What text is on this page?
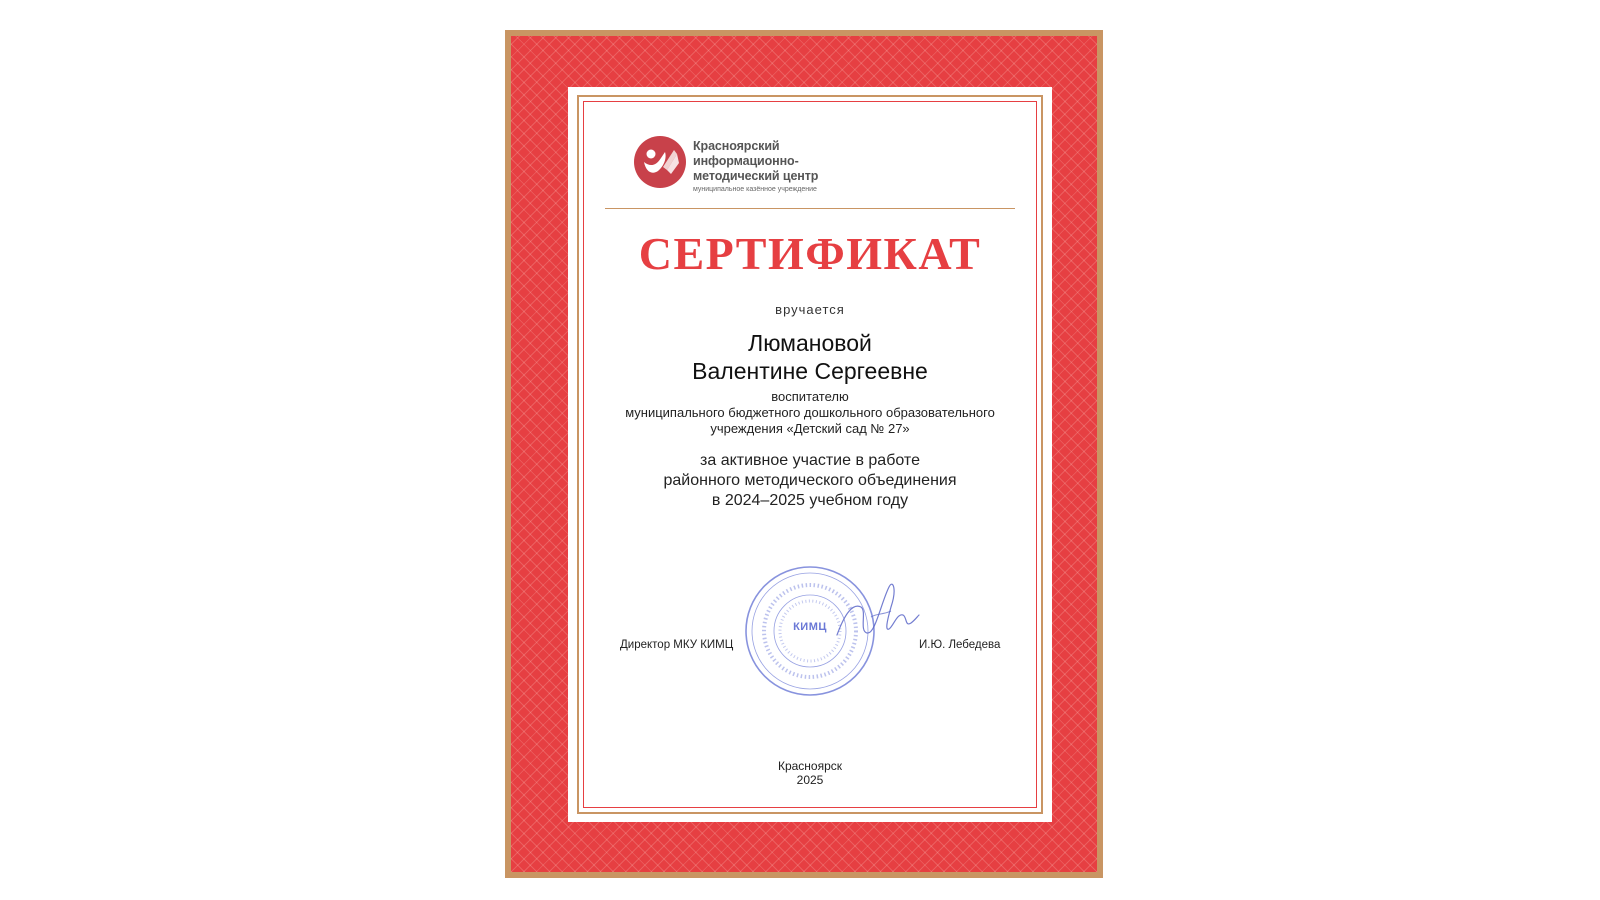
Красноярский
информационно-
методический центр
муниципальное казённое учреждение
СЕРТИФИКАТ
вручается
Люмановой
Валентине Сергеевне
воспитателю
муниципального бюджетного дошкольного образовательного
учреждения «Детский сад № 27»
за активное участие в работе
районного методического объединения
в 2024–2025 учебном году
Директор МКУ КИМЦ
КИМЦ
И.Ю. Лебедева
Красноярск
2025
